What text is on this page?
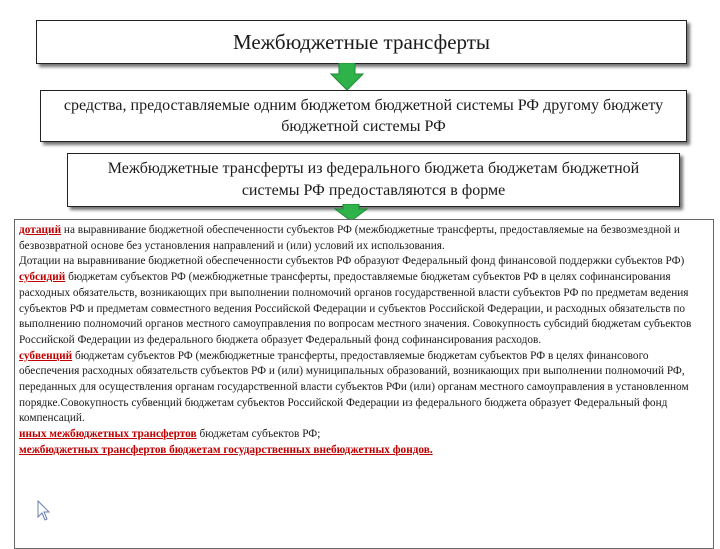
Межбюджетные трансферты
средства, предоставляемые одним бюджетом бюджетной системы РФ другому бюджету бюджетной системы РФ
Межбюджетные трансферты из федерального бюджета бюджетам бюджетной системы РФ предоставляются в форме

дотаций на выравнивание бюджетной обеспеченности субъектов РФ (межбюджетные трансферты, предоставляемые на безвозмездной и безвозвратной основе без установления направлений и (или) условий их использования.

Дотации на выравнивание бюджетной обеспеченности субъектов РФ образуют Федеральный фонд финансовой поддержки субъектов РФ)

субсидий бюджетам субъектов РФ (межбюджетные трансферты, предоставляемые бюджетам субъектов РФ в целях софинансирования расходных обязательств, возникающих при выполнении полномочий органов государственной власти субъектов РФ по предметам ведения субъектов РФ и предметам совместного ведения Российской Федерации и субъектов Российской Федерации, и расходных обязательств по выполнению полномочий органов местного самоуправления по вопросам местного значения. Совокупность субсидий бюджетам субъектов Российской Федерации из федерального бюджета образует Федеральный фонд софинансирования расходов.

субвенций бюджетам субъектов РФ (межбюджетные трансферты, предоставляемые бюджетам субъектов РФ в целях финансового обеспечения расходных обязательств субъектов РФ и (или) муниципальных образований, возникающих при выполнении полномочий РФ, переданных для осуществления органам государственной власти субъектов РФи (или) органам местного самоуправления в установленном порядке.Совокупность субвенций бюджетам субъектов Российской Федерации из федерального бюджета образует Федеральный фонд компенсаций.

иных межбюджетных трансфертов бюджетам субъектов РФ;

межбюджетных трансфертов бюджетам государственных внебюджетных фондов.
